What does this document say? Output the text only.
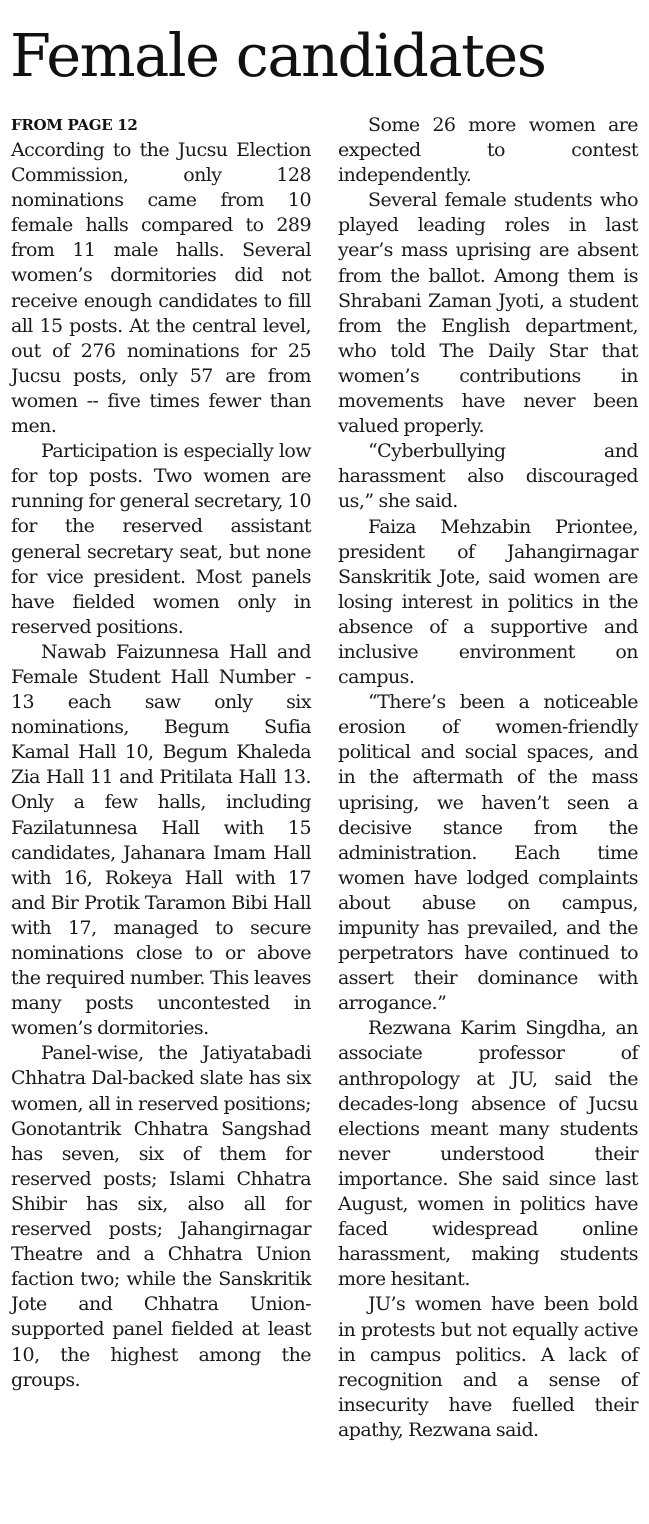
Female candidates
FROM PAGE 12

According to the Jucsu Election Commission, only 128 nominations came from 10 female halls compared to 289 from 11 male halls. Several women’s dormitories did not receive enough candidates to fill all 15 posts. At the central level, out of 276 nominations for 25 Jucsu posts, only 57 are from women -- five times fewer than men.

Participation is especially low for top posts. Two women are running for general secretary, 10 for the reserved assistant general secretary seat, but none for vice president. Most panels have fielded women only in reserved positions.

Nawab Faizunnesa Hall and Female Student Hall Number - 13 each saw only six nominations, Begum Sufia Kamal Hall 10, Begum Khaleda Zia Hall 11 and Pritilata Hall 13. Only a few halls, including Fazilatunnesa Hall with 15 candidates, Jahanara Imam Hall with 16, Rokeya Hall with 17 and Bir Protik Taramon Bibi Hall with 17, managed to secure nominations close to or above the required number. This leaves many posts uncontested in women’s dormitories.

Panel-wise, the Jatiyatabadi Chhatra Dal-backed slate has six women, all in reserved positions; Gonotantrik Chhatra Sangshad has seven, six of them for reserved posts; Islami Chhatra Shibir has six, also all for reserved posts; Jahangirnagar Theatre and a Chhatra Union faction two; while the Sanskritik Jote and Chhatra Union-supported panel fielded at least 10, the highest among the groups.

Some 26 more women are expected to contest independently.

Several female students who played leading roles in last year’s mass uprising are absent from the ballot. Among them is Shrabani Zaman Jyoti, a student from the English department, who told The Daily Star that women’s contributions in movements have never been valued properly.

“Cyberbullying and harassment also discouraged us,” she said.

Faiza Mehzabin Priontee, president of Jahangirnagar Sanskritik Jote, said women are losing interest in politics in the absence of a supportive and inclusive environment on campus.

“There’s been a noticeable erosion of women-friendly political and social spaces, and in the aftermath of the mass uprising, we haven’t seen a decisive stance from the administration. Each time women have lodged complaints about abuse on campus, impunity has prevailed, and the perpetrators have continued to assert their dominance with arrogance.”

Rezwana Karim Singdha, an associate professor of anthropology at JU, said the decades-long absence of Jucsu elections meant many students never understood their importance. She said since last August, women in politics have faced widespread online harassment, making students more hesitant.

JU’s women have been bold in protests but not equally active in campus politics. A lack of recognition and a sense of insecurity have fuelled their apathy, Rezwana said.
